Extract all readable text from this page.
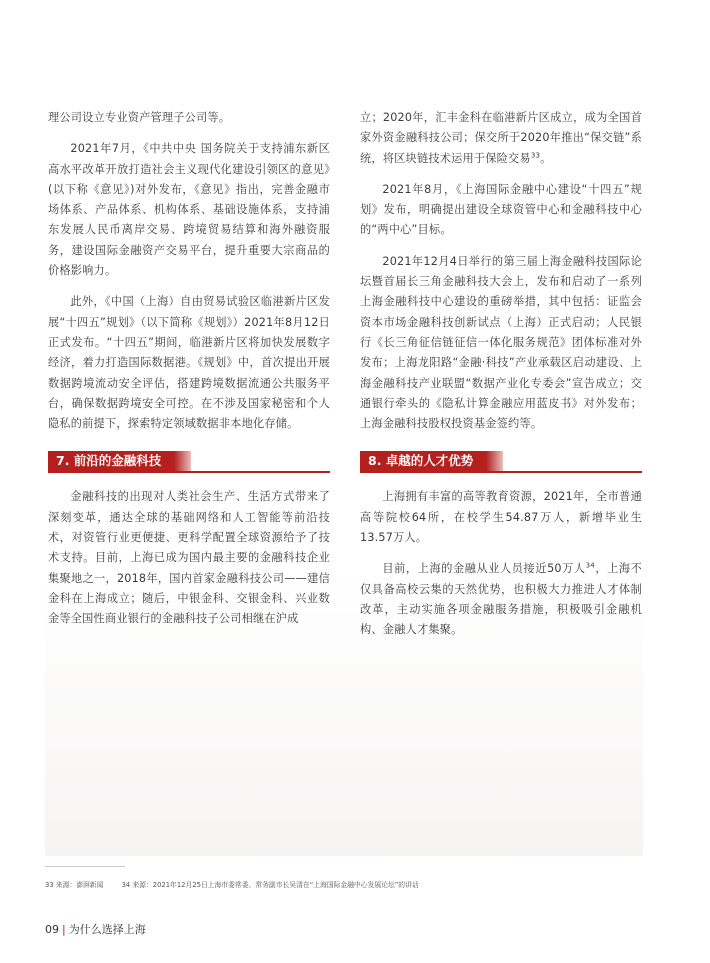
理公司设立专业资产管理子公司等。

2021年7月，《中共中央 国务院关于支持浦东新区高水平改革开放打造社会主义现代化建设引领区的意见》(以下称《意见》)对外发布，《意见》指出，完善金融市场体系、产品体系、机构体系、基础设施体系，支持浦东发展人民币离岸交易、跨境贸易结算和海外融资服务，建设国际金融资产交易平台，提升重要大宗商品的价格影响力。

此外，《中国（上海）自由贸易试验区临港新片区发展“十四五”规划》（以下简称《规划》）2021年8月12日正式发布。“十四五”期间，临港新片区将加快发展数字经济，着力打造国际数据港。《规划》中，首次提出开展数据跨境流动安全评估，搭建跨境数据流通公共服务平台，确保数据跨境安全可控。在不涉及国家秘密和个人隐私的前提下，探索特定领域数据非本地化存储。

7. 前沿的金融科技

金融科技的出现对人类社会生产、生活方式带来了深刻变革，通达全球的基础网络和人工智能等前沿技术，对资管行业更便捷、更科学配置全球资源给予了技术支持。目前，上海已成为国内最主要的金融科技企业集聚地之一，2018年，国内首家金融科技公司——建信金科在上海成立；随后，中银金科、交银金科、兴业数金等全国性商业银行的金融科技子公司相继在沪成

立；2020年，汇丰金科在临港新片区成立，成为全国首家外资金融科技公司；保交所于2020年推出“保交链”系统，将区块链技术运用于保险交易$^{33}$。

2021年8月，《上海国际金融中心建设“十四五”规划》发布，明确提出建设全球资管中心和金融科技中心的“两中心”目标。

2021年12月4日举行的第三届上海金融科技国际论坛暨首届长三角金融科技大会上，发布和启动了一系列上海金融科技中心建设的重磅举措，其中包括：证监会资本市场金融科技创新试点（上海）正式启动；人民银行《长三角征信链征信一体化服务规范》团体标准对外发布；上海龙阳路“金融·科技”产业承载区启动建设、上海金融科技产业联盟“数据产业化专委会”宣告成立；交通银行牵头的《隐私计算金融应用蓝皮书》对外发布；上海金融科技股权投资基金签约等。

8. 卓越的人才优势

上海拥有丰富的高等教育资源，2021年，全市普通高等院校64所，在校学生54.87万人，新增毕业生13.57万人。

目前，上海的金融从业人员接近50万人$^{34}$，上海不仅具备高校云集的天然优势，也积极大力推进人才体制改革，主动实施各项金融服务措施，积极吸引金融机构、金融人才集聚。

33 来源：澎湃新闻	34 来源：2021年12月25日上海市委常委、常务副市长吴清在“上海国际金融中心发展论坛”的讲话
09 | 为什么选择上海
